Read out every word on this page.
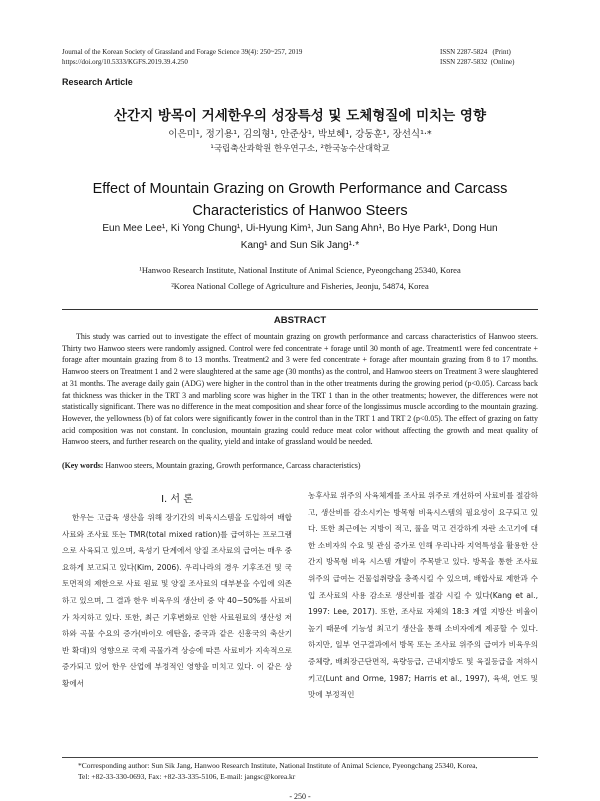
Journal of the Korean Society of Grassland and Forage Science 39(4): 250~257, 2019
https://doi.org/10.5333/KGFS.2019.39.4.250
ISSN 2287-5824   (Print)
ISSN 2287-5832  (Online)
Research Article
산간지 방목이 거세한우의 성장특성 및 도체형질에 미치는 영향
이은미¹, 정기용¹, 김의형¹, 안준상¹, 박보혜¹, 강동훈¹, 장선식¹·*
¹국립축산과학원 한우연구소, ²한국농수산대학교
Effect of Mountain Grazing on Growth Performance and Carcass Characteristics of Hanwoo Steers
Eun Mee Lee¹, Ki Yong Chung¹, Ui-Hyung Kim¹, Jun Sang Ahn¹, Bo Hye Park¹, Dong Hun Kang¹ and Sun Sik Jang¹·*
¹Hanwoo Research Institute, National Institute of Animal Science, Pyeongchang 25340, Korea
²Korea National College of Agriculture and Fisheries, Jeonju, 54874, Korea
ABSTRACT
This study was carried out to investigate the effect of mountain grazing on growth performance and carcass characteristics of Hanwoo steers. Thirty two Hanwoo steers were randomly assigned. Control were fed concentrate + forage until 30 month of age. Treatment1 were fed concentrate + forage after mountain grazing from 8 to 13 months. Treatment2 and 3 were fed concentrate + forage after mountain grazing from 8 to 17 months. Hanwoo steers on Treatment 1 and 2 were slaughtered at the same age (30 months) as the control, and Hanwoo steers on Treatment 3 were slaughtered at 31 months. The average daily gain (ADG) were higher in the control than in the other treatments during the growing period (p<0.05). Carcass back fat thickness was thicker in the TRT 3 and marbling score was higher in the TRT 1 than in the other treatments; however, the differences were not statistically significant. There was no difference in the meat composition and shear force of the longissimus muscle according to the mountain grazing. However, the yellowness (b) of fat colors were significantly fower in the control than in the TRT 1 and TRT 2 (p<0.05). The effect of grazing on fatty acid composition was not constant. In conclusion, mountain grazing could reduce meat color without affecting the growth and meat quality of Hanwoo steers, and further research on the quality, yield and intake of grassland would be needed.
(Key words: Hanwoo steers, Mountain grazing, Growth performance, Carcass characteristics)
Ⅰ. 서 론
한우는 고급육 생산을 위해 장기간의 비육시스템을 도입하여 배합사료와 조사료 또는 TMR(total mixed ration)를 급여하는 프로그램으로 사육되고 있으며, 육성기 단계에서 양질 조사료의 급여는 매우 중요하게 보고되고 있다(Kim, 2006). 우리나라의 경우 기후조건 및 국토면적의 제한으로 사료 원료 및 양질 조사료의 대부분을 수입에 의존하고 있으며, 그 결과 한우 비육우의 생산비 중 약 40~50%를 사료비가 차지하고 있다. 또한, 최근 기후변화로 인한 사료원료의 생산성 저하와 곡물 수요의 증가(바이오 에탄올, 중국과 같은 신흥국의 축산기반 확대)의 영향으로 국제 곡물가격 상승에 따른 사료비가 지속적으로 증가되고 있어 한우 산업에 부정적인 영향을 미치고 있다. 이 같은 상황에서
농후사료 위주의 사육체계를 조사료 위주로 개선하여 사료비를 절감하고, 생산비를 감소시키는 방목형 비육시스템의 필요성이 요구되고 있다. 또한 최근에는 지방이 적고, 풀을 먹고 건강하게 자란 소고기에 대한 소비자의 수요 및 관심 증가로 인해 우리나라 지역특성을 활용한 산간지 방목형 비육 시스템 개발이 주목받고 있다. 방목을 통한 조사료 위주의 급여는 건물섭취량을 충족시킬 수 있으며, 배합사료 제한과 수입 조사료의 사용 감소로 생산비를 절감 시킬 수 있다(Kang et al., 1997: Lee, 2017). 또한, 조사료 자체의 18:3 계열 지방산 비율이 높기 때문에 기능성 최고기 생산을 통해 소비자에게 제공할 수 있다. 하지만, 일부 연구결과에서 방목 또는 조사료 위주의 급여가 비육우의 증체량, 배최장근단면적, 육량등급, 근내지방도 및 육질등급을 저하시키고(Lunt and Orme, 1987; Harris et al., 1997), 육색, 연도 및 맛에 부정적인
*Corresponding author: Sun Sik Jang, Hanwoo Research Institute, National Institute of Animal Science, Pyeongchang 25340, Korea,
Tel: +82-33-330-0693, Fax: +82-33-335-5106, E-mail: jangsc@korea.kr
- 250 -
